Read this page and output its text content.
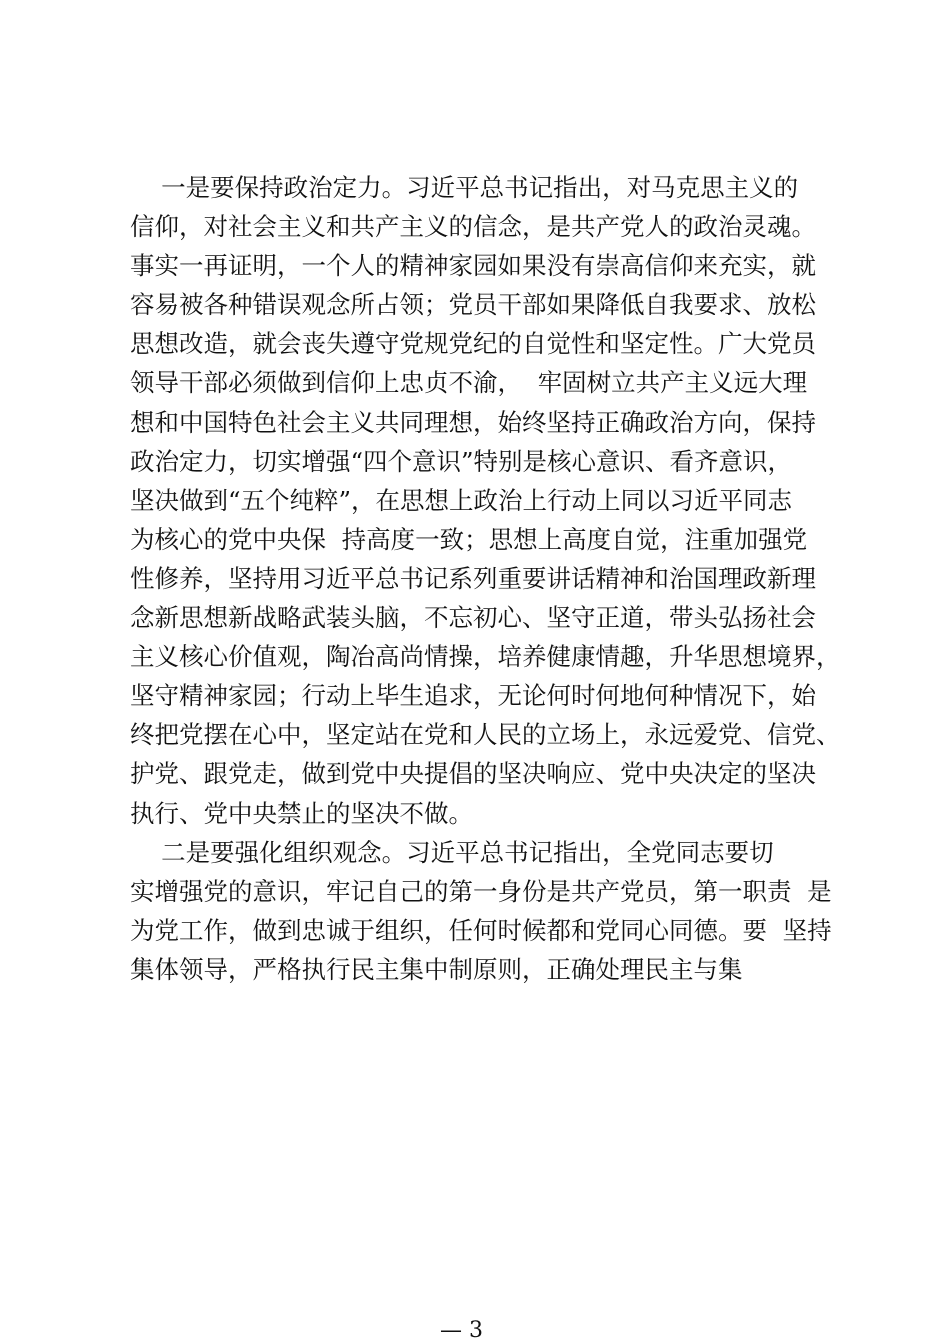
一是要保持政治定力。习近平总书记指出，对马克思主义的
信仰，对社会主义和共产主义的信念，是共产党人的政治灵魂。
事实一再证明，一个人的精神家园如果没有崇高信仰来充实，就
容易被各种错误观念所占领；党员干部如果降低自我要求、放松
思想改造，就会丧失遵守党规党纪的自觉性和坚定性。广大党员
领导干部必须做到信仰上忠贞不渝，  牢固树立共产主义远大理
想和中国特色社会主义共同理想，始终坚持正确政治方向，保持
政治定力，切实增强“四个意识”特别是核心意识、看齐意识，
坚决做到“五个纯粹”，在思想上政治上行动上同以习近平同志
为核心的党中央保  持高度一致；思想上高度自觉，注重加强党
性修养，坚持用习近平总书记系列重要讲话精神和治国理政新理
念新思想新战略武装头脑，不忘初心、坚守正道，带头弘扬社会
主义核心价值观，陶冶高尚情操，培养健康情趣，升华思想境界，
坚守精神家园；行动上毕生追求，无论何时何地何种情况下，始
终把党摆在心中，坚定站在党和人民的立场上，永远爱党、信党、
护党、跟党走，做到党中央提倡的坚决响应、党中央决定的坚决
执行、党中央禁止的坚决不做。
二是要强化组织观念。习近平总书记指出，全党同志要切
实增强党的意识，牢记自己的第一身份是共产党员，第一职责  是
为党工作，做到忠诚于组织，任何时候都和党同心同德。要  坚持
集体领导，严格执行民主集中制原则，正确处理民主与集
— 3
